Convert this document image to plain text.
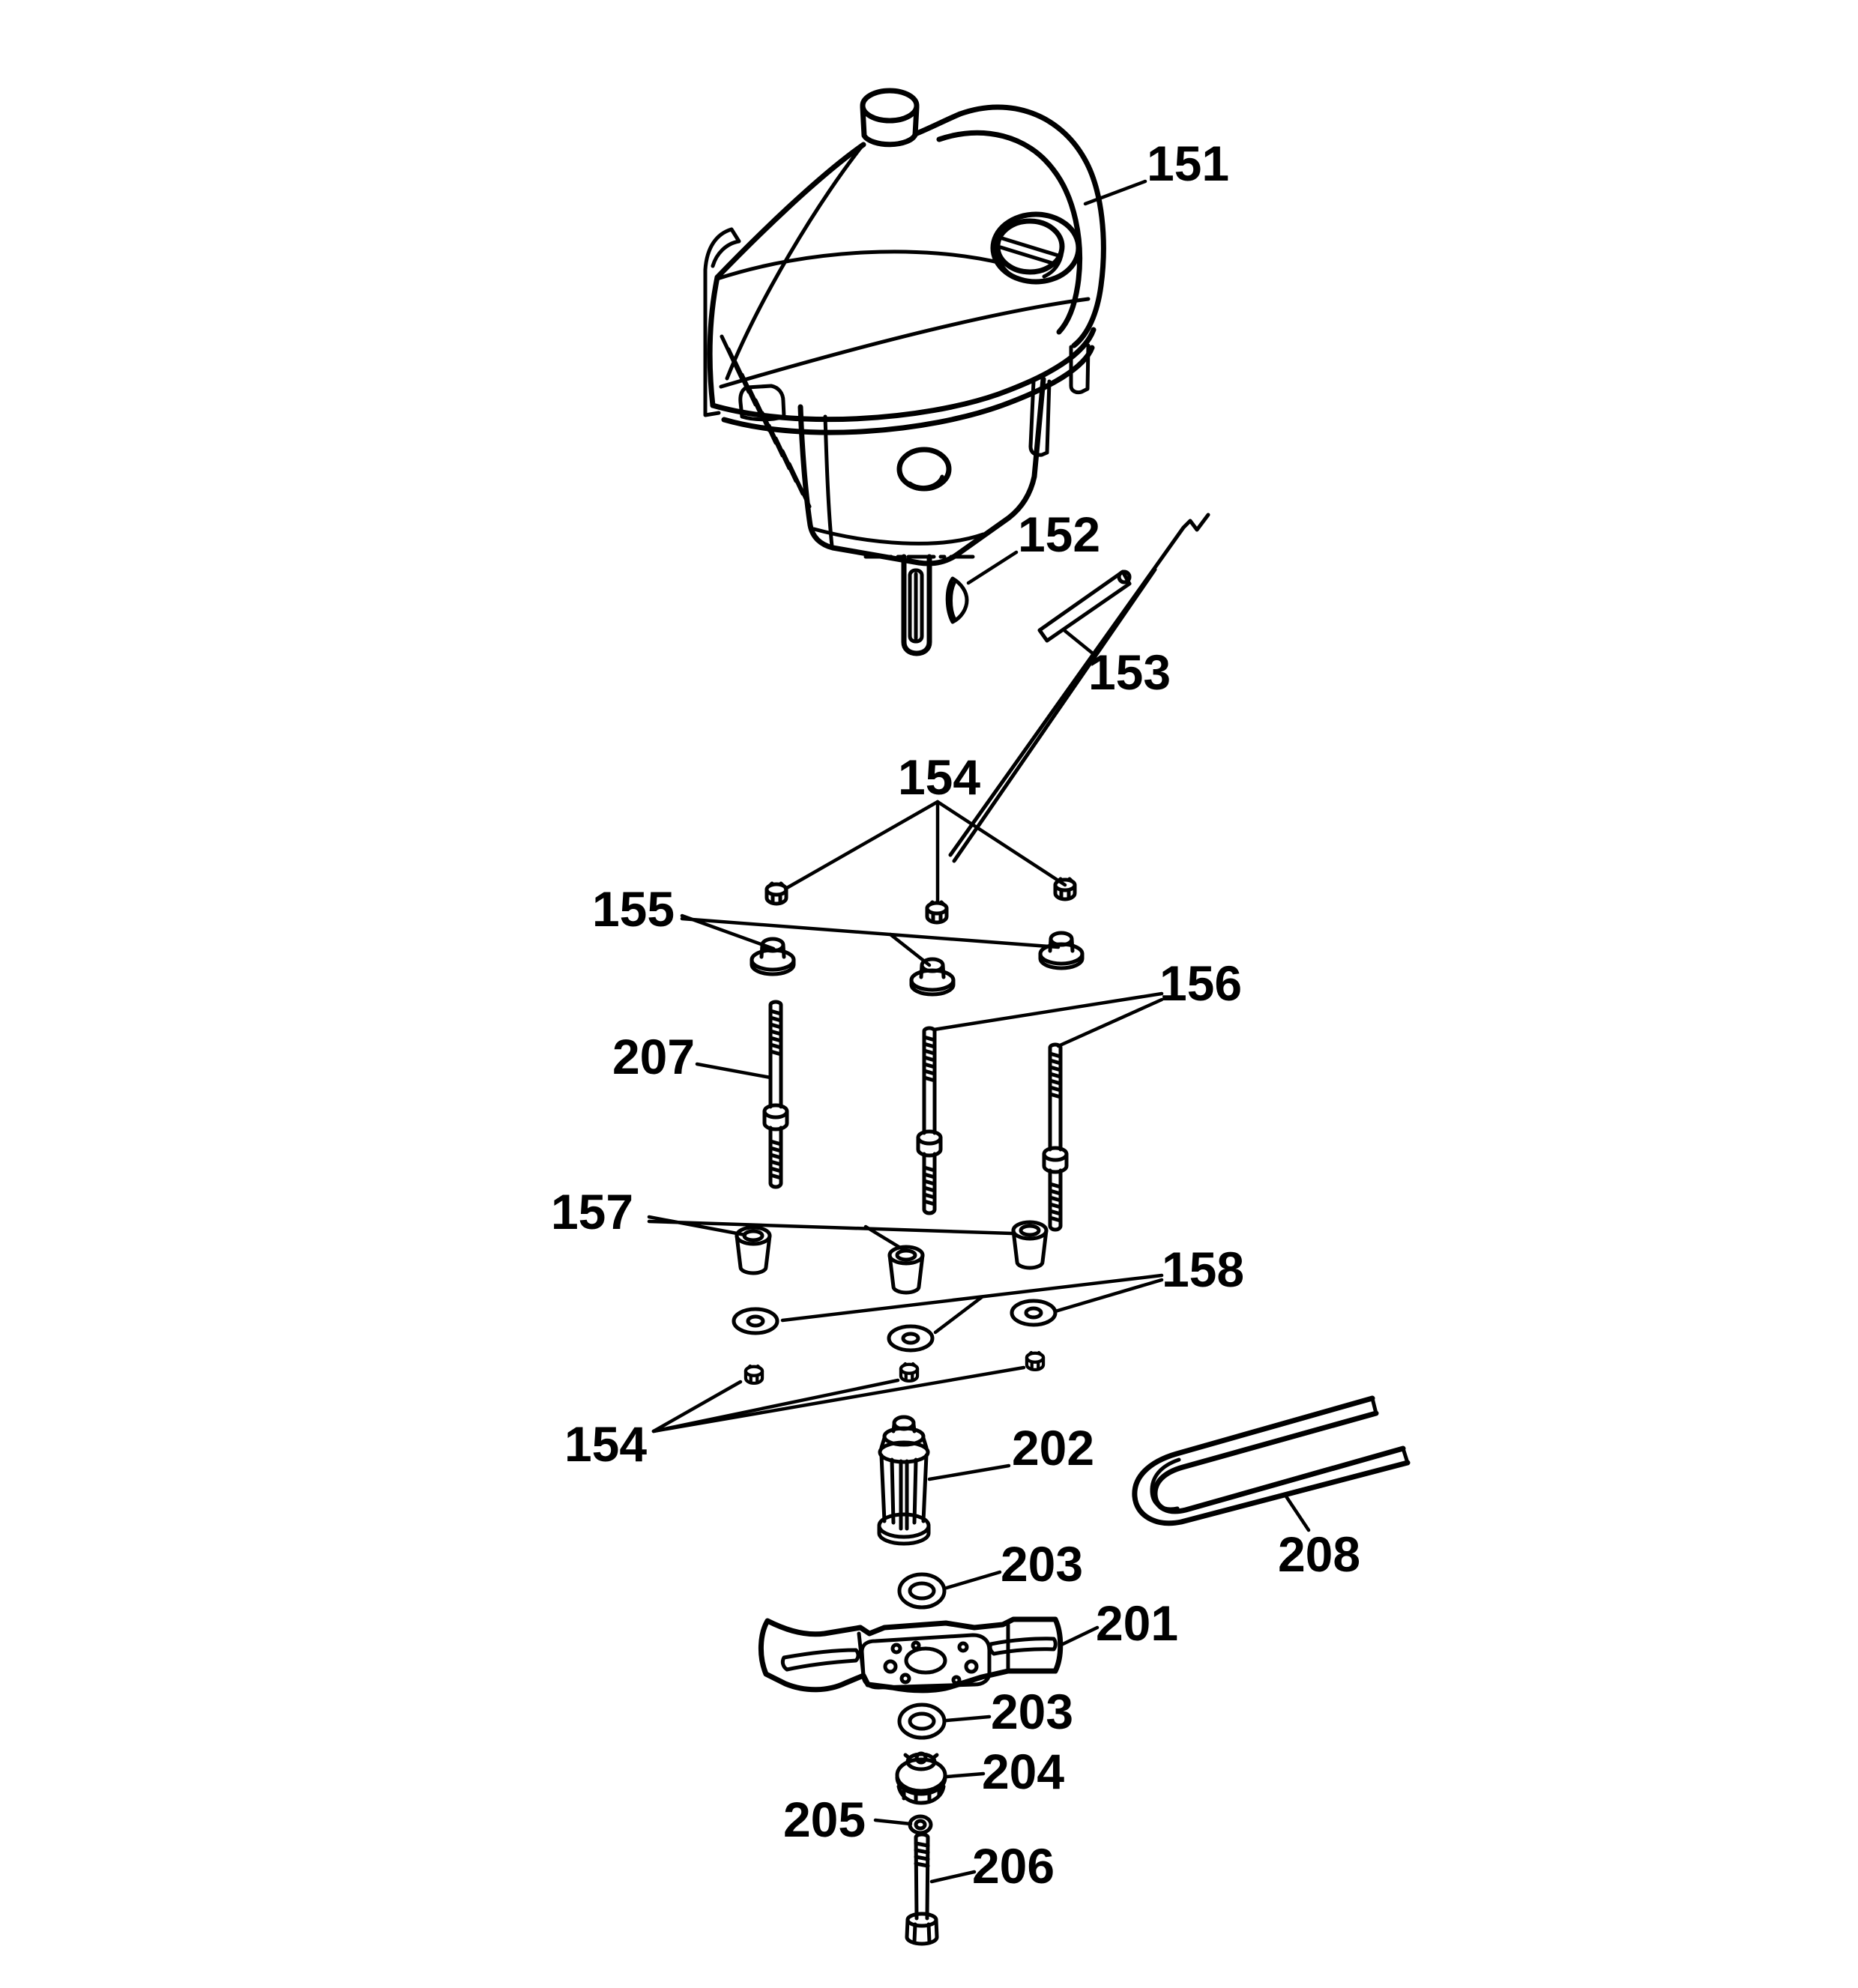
151
152
153
154
155
156
207
157
158
154	202
208
203
201
203
204
205
206
